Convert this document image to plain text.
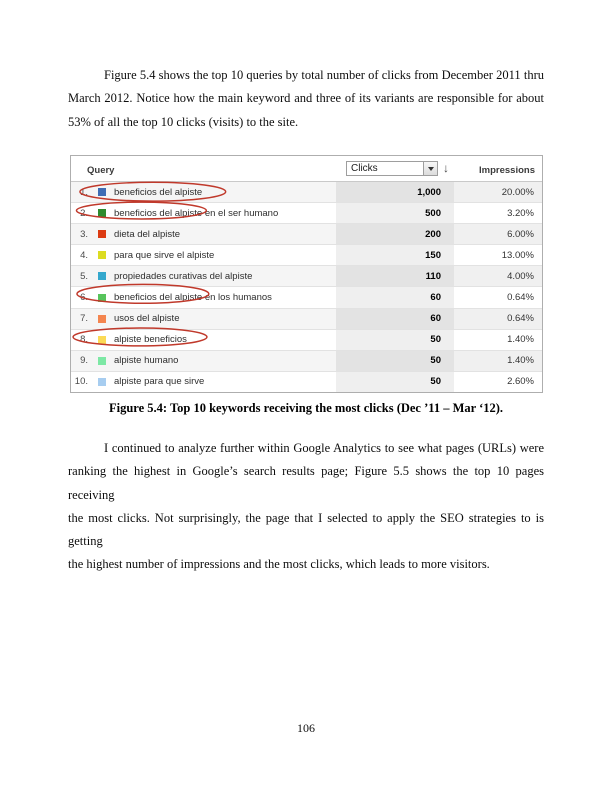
Figure 5.4 shows the top 10 queries by total number of clicks from December 2011 thru
March 2012. Notice how the main keyword and three of its variants are responsible for about
53% of all the top 10 clicks (visits) to the site.
Query	Clicks	↓	Impressions
1.	beneficios del alpiste	1,000	20.00%
2.	beneficios del alpiste en el ser humano	500	3.20%
3.	dieta del alpiste	200	6.00%
4.	para que sirve el alpiste	150	13.00%
5.	propiedades curativas del alpiste	110	4.00%
6.	beneficios del alpiste en los humanos	60	0.64%
7.	usos del alpiste	60	0.64%
8.	alpiste beneficios	50	1.40%
9.	alpiste humano	50	1.40%
10.	alpiste para que sirve	50	2.60%
Figure 5.4: Top 10 keywords receiving the most clicks (Dec ’11 – Mar ‘12).
I continued to analyze further within Google Analytics to see what pages (URLs) were
ranking the highest in Google’s search results page; Figure 5.5 shows the top 10 pages receiving
the most clicks. Not surprisingly, the page that I selected to apply the SEO strategies to is getting
the highest number of impressions and the most clicks, which leads to more visitors.
106
